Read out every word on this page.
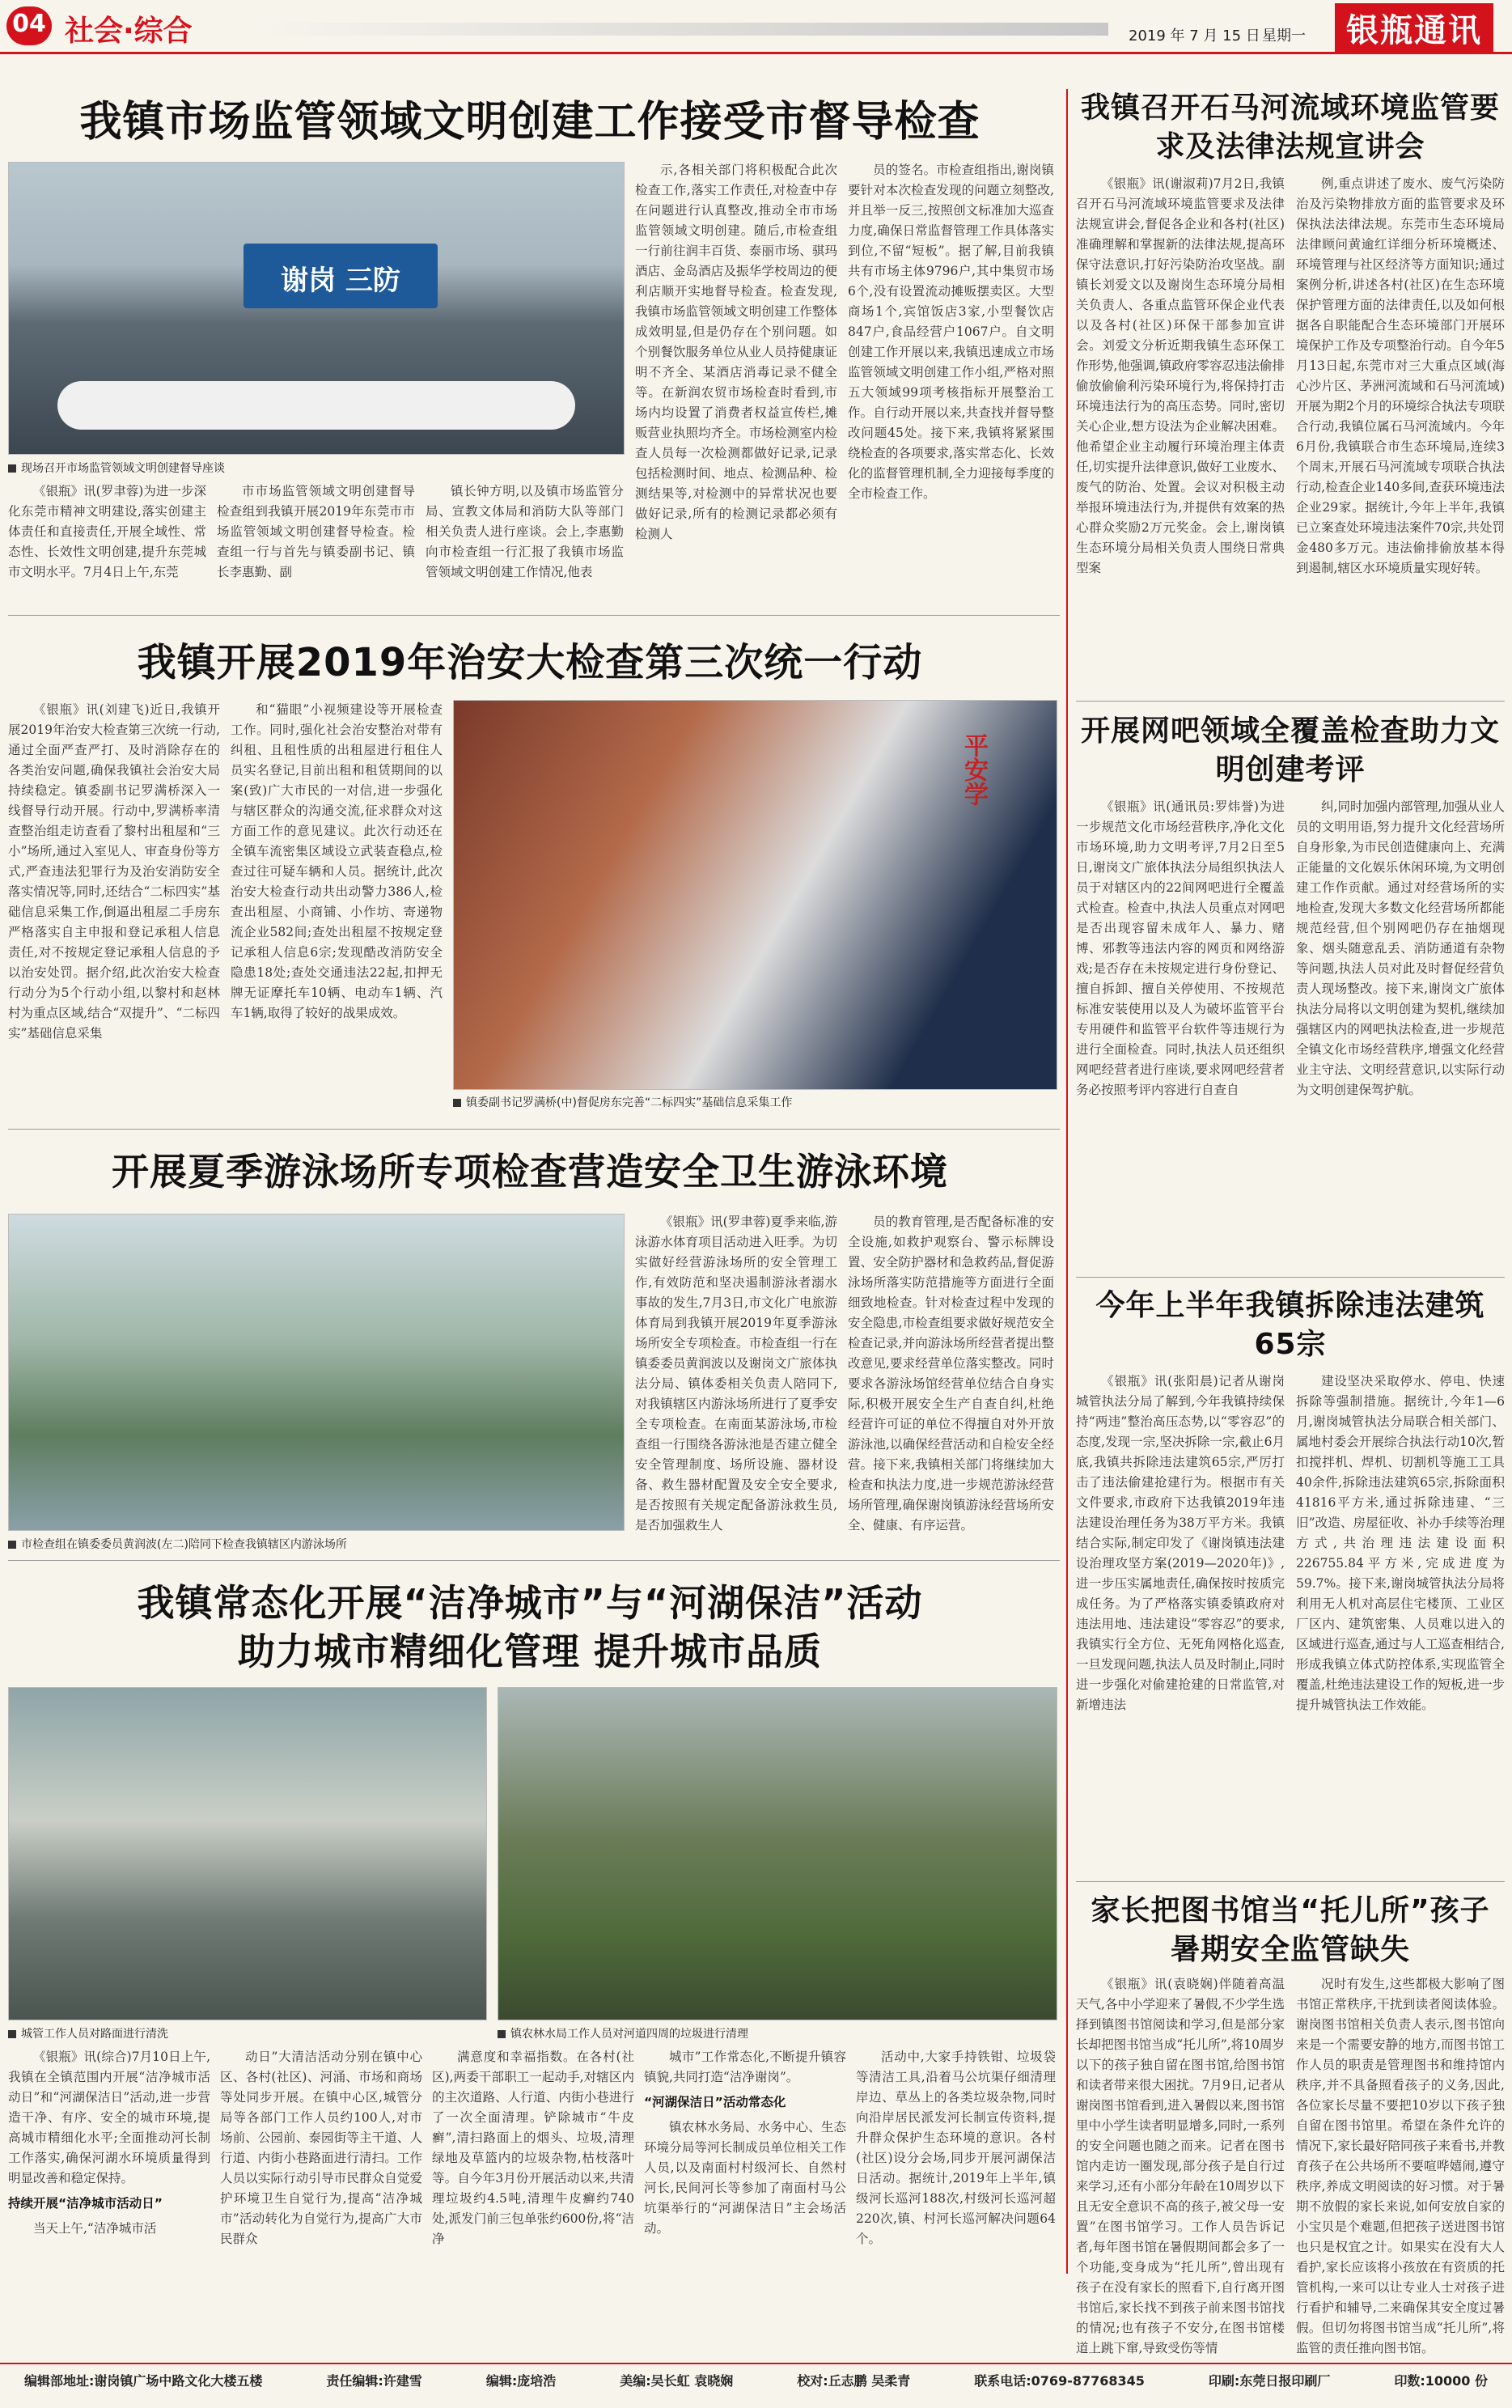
04 社会·综合	2019 年 7 月 15 日 星期一	银瓶通讯
我镇市场监管领域文明创建工作接受市督导检查
谢岗 三防
现场召开市场监管领域文明创建督导座谈

《银瓶》讯(罗聿蓉)为进一步深化东莞市精神文明建设,落实创建主体责任和直接责任,开展全域性、常态性、长效性文明创建,提升东莞城市文明水平。7月4日上午,东莞

市市场监管领域文明创建督导检查组到我镇开展2019年东莞市市场监管领域文明创建督导检查。检查组一行与首先与镇委副书记、镇长李惠勤、副

镇长钟方明,以及镇市场监管分局、宣教文体局和消防大队等部门相关负责人进行座谈。会上,李惠勤向市检查组一行汇报了我镇市场监管领域文明创建工作情况,他表

示,各相关部门将积极配合此次检查工作,落实工作责任,对检查中存在问题进行认真整改,推动全市市场监管领域文明创建。随后,市检查组一行前往润丰百货、泰丽市场、骐玛酒店、金岛酒店及振华学校周边的便利店顺开实地督导检查。检查发现,我镇市场监管领域文明创建工作整体成效明显,但是仍存在个别问题。如个别餐饮服务单位从业人员持健康证明不齐全、某酒店消毒记录不健全等。在新润农贸市场检查时看到,市场内均设置了消费者权益宣传栏,摊贩营业执照均齐全。市场检测室内检查人员每一次检测都做好记录,记录包括检测时间、地点、检测品种、检测结果等,对检测中的异常状况也要做好记录,所有的检测记录都必须有检测人

员的签名。市检查组指出,谢岗镇要针对本次检查发现的问题立刻整改,并且举一反三,按照创文标准加大巡查力度,确保日常监督管理工作具体落实到位,不留“短板”。据了解,目前我镇共有市场主体9796户,其中集贸市场6个,没有设置流动摊贩摆卖区。大型商场1个,宾馆饭店3家,小型餐饮店847户,食品经营户1067户。自文明创建工作开展以来,我镇迅速成立市场监管领域文明创建工作小组,严格对照五大领域99项考核指标开展整治工作。自行动开展以来,共查找并督导整改问题45处。接下来,我镇将紧紧围绕检查的各项要求,落实常态化、长效化的监督管理机制,全力迎接每季度的全市检查工作。

我镇开展2019年治安大检查第三次统一行动

《银瓶》讯(刘建飞)近日,我镇开展2019年治安大检查第三次统一行动,通过全面严查严打、及时消除存在的各类治安问题,确保我镇社会治安大局持续稳定。镇委副书记罗满桥深入一线督导行动开展。行动中,罗满桥率清查整治组走访查看了黎村出租屋和“三小”场所,通过入室见人、审查身份等方式,严查违法犯罪行为及治安消防安全落实情况等,同时,还结合“二标四实”基础信息采集工作,倒逼出租屋二手房东严格落实自主申报和登记承租人信息责任,对不按规定登记承租人信息的予以治安处罚。据介绍,此次治安大检查行动分为5个行动小组,以黎村和赵林村为重点区域,结合“双提升”、“二标四实”基础信息采集

和“猫眼”小视频建设等开展检查工作。同时,强化社会治安整治对带有纠租、且租性质的出租屋进行租住人员实名登记,目前出租和租赁期间的以案(致)广大市民的一对信,进一步强化与辖区群众的沟通交流,征求群众对这方面工作的意见建议。此次行动还在全镇车流密集区域设立武装查稳点,检查过往可疑车辆和人员。据统计,此次治安大检查行动共出动警力386人,检查出租屋、小商铺、小作坊、寄递物流企业582间;查处出租屋不按规定登记承租人信息6宗;发现酷改消防安全隐患18处;查处交通违法22起,扣押无牌无证摩托车10辆、电动车1辆、汽车1辆,取得了较好的战果成效。

平安学
镇委副书记罗满桥(中)督促房东完善“二标四实”基础信息采集工作
开展夏季游泳场所专项检查营造安全卫生游泳环境
市检查组在镇委委员黄润波(左二)陪同下检查我镇辖区内游泳场所

《银瓶》讯(罗聿蓉)夏季来临,游泳游水体育项目活动进入旺季。为切实做好经营游泳场所的安全管理工作,有效防范和坚决遏制游泳者溺水事故的发生,7月3日,市文化广电旅游体育局到我镇开展2019年夏季游泳场所安全专项检查。市检查组一行在镇委委员黄润波以及谢岗文广旅体执法分局、镇体委相关负责人陪同下,对我镇辖区内游泳场所进行了夏季安全专项检查。在南面某游泳场,市检查组一行围绕各游泳池是否建立健全安全管理制度、场所设施、器材设备、救生器材配置及安全安全要求,是否按照有关规定配备游泳救生员,是否加强救生人

员的教育管理,是否配备标准的安全设施,如救护观察台、警示标牌设置、安全防护器材和急救药品,督促游泳场所落实防范措施等方面进行全面细致地检查。针对检查过程中发现的安全隐患,市检查组要求做好规范安全检查记录,并向游泳场所经营者提出整改意见,要求经营单位落实整改。同时要求各游泳场馆经营单位结合自身实际,积极开展安全生产自查自纠,杜绝经营许可证的单位不得擅自对外开放游泳池,以确保经营活动和自检安全经营。接下来,我镇相关部门将继续加大检查和执法力度,进一步规范游泳经营场所管理,确保谢岗镇游泳经营场所安全、健康、有序运营。

我镇常态化开展“洁净城市”与“河湖保洁”活动
助力城市精细化管理 提升城市品质
城管工作人员对路面进行清洗	镇农林水局工作人员对河道四周的垃圾进行清理

《银瓶》讯(综合)7月10日上午,我镇在全镇范围内开展“洁净城市活动日”和“河湖保洁日”活动,进一步营造干净、有序、安全的城市环境,提高城市精细化水平;全面推动河长制工作落实,确保河湖水环境质量得到明显改善和稳定保持。

持续开展“洁净城市活动日”

当天上午,“洁净城市活

动日”大清洁活动分别在镇中心区、各村(社区)、河涌、市场和商场等处同步开展。在镇中心区,城管分局等各部门工作人员约100人,对市场前、公园前、泰园街等主干道、人行道、内街小巷路面进行清扫。工作人员以实际行动引导市民群众自觉爱护环境卫生自觉行为,提高“洁净城市”活动转化为自觉行为,提高广大市民群众

满意度和幸福指数。在各村(社区),两委干部职工一起动手,对辖区内的主次道路、人行道、内街小巷进行了一次全面清理。铲除城市“牛皮癣”,清扫路面上的烟头、垃圾,清理绿地及草篮内的垃圾杂物,枯枝落叶等。自今年3月份开展活动以来,共清理垃圾约4.5吨,清理牛皮癣约740处,派发门前三包单张约600份,将“洁净

城市”工作常态化,不断提升镇容镇貌,共同打造“洁净谢岗”。

“河湖保洁日”活动常态化

镇农林水务局、水务中心、生态环境分局等河长制成员单位相关工作人员,以及南面村村级河长、自然村河长,民间河长等参加了南面村马公坑渠举行的“河湖保洁日”主会场活动。

活动中,大家手持铁钳、垃圾袋等清洁工具,沿着马公坑渠仔细清理岸边、草丛上的各类垃圾杂物,同时向沿岸居民派发河长制宣传资料,提升群众保护生态环境的意识。各村(社区)设分会场,同步开展河湖保洁日活动。据统计,2019年上半年,镇级河长巡河188次,村级河长巡河超220次,镇、村河长巡河解决问题64个。

我镇召开石马河流域环境监管要求及法律法规宣讲会

《银瓶》讯(谢淑莉)7月2日,我镇召开石马河流域环境监管要求及法律法规宣讲会,督促各企业和各村(社区)准确理解和掌握新的法律法规,提高环保守法意识,打好污染防治攻坚战。副镇长刘爱文以及谢岗生态环境分局相关负责人、各重点监管环保企业代表以及各村(社区)环保干部参加宣讲会。刘爱文分析近期我镇生态环保工作形势,他强调,镇政府零容忍违法偷排偷放偷偷利污染环境行为,将保持打击环境违法行为的高压态势。同时,密切关心企业,想方设法为企业解决困难。他希望企业主动履行环境治理主体责任,切实提升法律意识,做好工业废水、废气的防治、处置。会议对积极主动举报环境违法行为,并提供有效案的热心群众奖励2万元奖金。会上,谢岗镇生态环境分局相关负责人围绕日常典型案

例,重点讲述了废水、废气污染防治及污染物排放方面的监管要求及环保执法法律法规。东莞市生态环境局法律顾问黄逾红详细分析环境概述、环境管理与社区经济等方面知识;通过案例分析,讲述各村(社区)在生态环境保护管理方面的法律责任,以及如何根据各自职能配合生态环境部门开展环境保护工作及专项整治行动。自今年5月13日起,东莞市对三大重点区域(海心沙片区、茅洲河流域和石马河流域)开展为期2个月的环境综合执法专项联合行动,我镇位属石马河流域内。今年6月份,我镇联合市生态环境局,连续3个周末,开展石马河流域专项联合执法行动,检查企业140多间,查获环境违法企业29家。据统计,今年上半年,我镇已立案查处环境违法案件70宗,共处罚金480多万元。违法偷排偷放基本得到遏制,辖区水环境质量实现好转。

开展网吧领域全覆盖检查助力文明创建考评

《银瓶》讯(通讯员:罗炜誉)为进一步规范文化市场经营秩序,净化文化市场环境,助力文明考评,7月2日至5日,谢岗文广旅体执法分局组织执法人员于对辖区内的22间网吧进行全覆盖式检查。检查中,执法人员重点对网吧是否出现容留未成年人、暴力、赌博、邪教等违法内容的网页和网络游戏;是否存在未按规定进行身份登记、擅自拆卸、擅自关停使用、不按规范标准安装使用以及人为破坏监管平台专用硬件和监管平台软件等违规行为进行全面检查。同时,执法人员还组织网吧经营者进行座谈,要求网吧经营者务必按照考评内容进行自查自

纠,同时加强内部管理,加强从业人员的文明用语,努力提升文化经营场所自身形象,为市民创造健康向上、充满正能量的文化娱乐休闲环境,为文明创建工作作贡献。通过对经营场所的实地检查,发现大多数文化经营场所都能规范经营,但个别网吧仍存在抽烟现象、烟头随意乱丢、消防通道有杂物等问题,执法人员对此及时督促经营负责人现场整改。接下来,谢岗文广旅体执法分局将以文明创建为契机,继续加强辖区内的网吧执法检查,进一步规范全镇文化市场经营秩序,增强文化经营业主守法、文明经营意识,以实际行动为文明创建保驾护航。

今年上半年我镇拆除违法建筑65宗

《银瓶》讯(张阳晨)记者从谢岗城管执法分局了解到,今年我镇持续保持“两违”整治高压态势,以“零容忍”的态度,发现一宗,坚决拆除一宗,截止6月底,我镇共拆除违法建筑65宗,严厉打击了违法偷建抢建行为。根据市有关文件要求,市政府下达我镇2019年违法建设治理任务为38万平方米。我镇结合实际,制定印发了《谢岗镇违法建设治理攻坚方案(2019—2020年)》,进一步压实属地责任,确保按时按质完成任务。为了严格落实镇委镇政府对违法用地、违法建设“零容忍”的要求,我镇实行全方位、无死角网格化巡查,一旦发现问题,执法人员及时制止,同时进一步强化对偷建抢建的日常监管,对新增违法

建设坚决采取停水、停电、快速拆除等强制措施。据统计,今年1—6月,谢岗城管执法分局联合相关部门、属地村委会开展综合执法行动10次,暂扣搅拌机、焊机、切割机等施工工具40余件,拆除违法建筑65宗,拆除面积41816平方米,通过拆除违建、“三旧”改造、房屋征收、补办手续等治理方式,共治理违法建设面积226755.84平方米,完成进度为59.7%。接下来,谢岗城管执法分局将利用无人机对高层住宅楼顶、工业区厂区内、建筑密集、人员难以进入的区域进行巡查,通过与人工巡查相结合,形成我镇立体式防控体系,实现监管全覆盖,杜绝违法建设工作的短板,进一步提升城管执法工作效能。

家长把图书馆当“托儿所”孩子暑期安全监管缺失

《银瓶》讯(袁晓娴)伴随着高温天气,各中小学迎来了暑假,不少学生选择到镇图书馆阅读和学习,但是部分家长却把图书馆当成“托儿所”,将10周岁以下的孩子独自留在图书馆,给图书馆和读者带来很大困扰。7月9日,记者从谢岗图书馆看到,进入暑假以来,图书馆里中小学生读者明显增多,同时,一系列的安全问题也随之而来。记者在图书馆内走访一圈发现,部分孩子是自行过来学习,还有小部分年龄在10周岁以下且无安全意识不高的孩子,被父母一安置”在图书馆学习。工作人员告诉记者,每年图书馆在暑假期间都会多了一个功能,变身成为“托儿所”,曾出现有孩子在没有家长的照看下,自行离开图书馆后,家长找不到孩子前来图书馆找的情况;也有孩子不安分,在图书馆楼道上跳下窜,导致受伤等情

况时有发生,这些都极大影响了图书馆正常秩序,干扰到读者阅读体验。谢岗图书馆相关负责人表示,图书馆向来是一个需要安静的地方,而图书馆工作人员的职责是管理图书和维持馆内秩序,并不具备照看孩子的义务,因此,各位家长尽量不要把10岁以下孩子独自留在图书馆里。希望在条件允许的情况下,家长最好陪同孩子来看书,并教育孩子在公共场所不要喧哗嬉闹,遵守秩序,养成文明阅读的好习惯。对于暑期不放假的家长来说,如何安放自家的小宝贝是个难题,但把孩子送进图书馆也只是权宜之计。如果实在没有大人看护,家长应该将小孩放在有资质的托管机构,一来可以让专业人士对孩子进行看护和辅导,二来确保其安全度过暑假。但切勿将图书馆当成“托儿所”,将监管的责任推向图书馆。

编辑部地址:谢岗镇广场中路文化大楼五楼	责任编辑:许建雪	编辑:庞培浩	美编:吴长虹 袁晓娴	校对:丘志鹏 吴柔青	联系电话:0769-87768345	印刷:东莞日报印刷厂	印数:10000 份
